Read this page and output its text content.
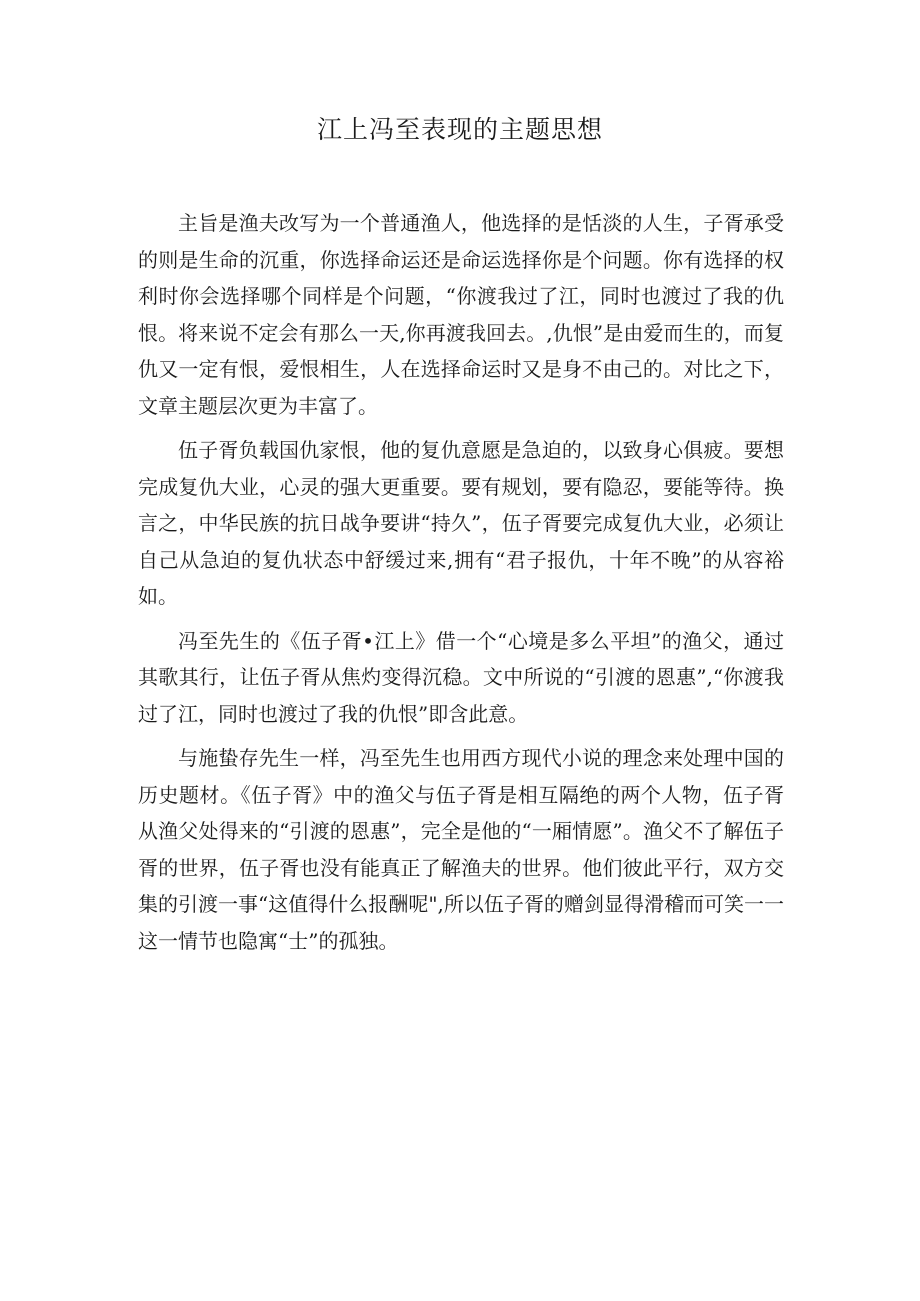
江上冯至表现的主题思想

主旨是渔夫改写为一个普通渔人，他选择的是恬淡的人生，子胥承受的则是生命的沉重，你选择命运还是命运选择你是个问题。你有选择的权利时你会选择哪个同样是个问题，“你渡我过了江，同时也渡过了我的仇恨。将来说不定会有那么一天,你再渡我回去。,仇恨”是由爱而生的，而复仇又一定有恨，爱恨相生，人在选择命运时又是身不由己的。对比之下，文章主题层次更为丰富了。

伍子胥负载国仇家恨，他的复仇意愿是急迫的，以致身心俱疲。要想完成复仇大业，心灵的强大更重要。要有规划，要有隐忍，要能等待。换言之，中华民族的抗日战争要讲“持久”，伍子胥要完成复仇大业，必须让自己从急迫的复仇状态中舒缓过来,拥有“君子报仇，十年不晚”的从容裕如。

冯至先生的《伍子胥•江上》借一个“心境是多么平坦”的渔父，通过其歌其行，让伍子胥从焦灼变得沉稳。文中所说的“引渡的恩惠”,“你渡我过了江，同时也渡过了我的仇恨”即含此意。

与施蛰存先生一样，冯至先生也用西方现代小说的理念来处理中国的历史题材。《伍子胥》中的渔父与伍子胥是相互隔绝的两个人物，伍子胥从渔父处得来的“引渡的恩惠”，完全是他的“一厢情愿”。渔父不了解伍子胥的世界，伍子胥也没有能真正了解渔夫的世界。他们彼此平行，双方交集的引渡一事“这值得什么报酬呢",所以伍子胥的赠剑显得滑稽而可笑一一这一情节也隐寓“士”的孤独。
